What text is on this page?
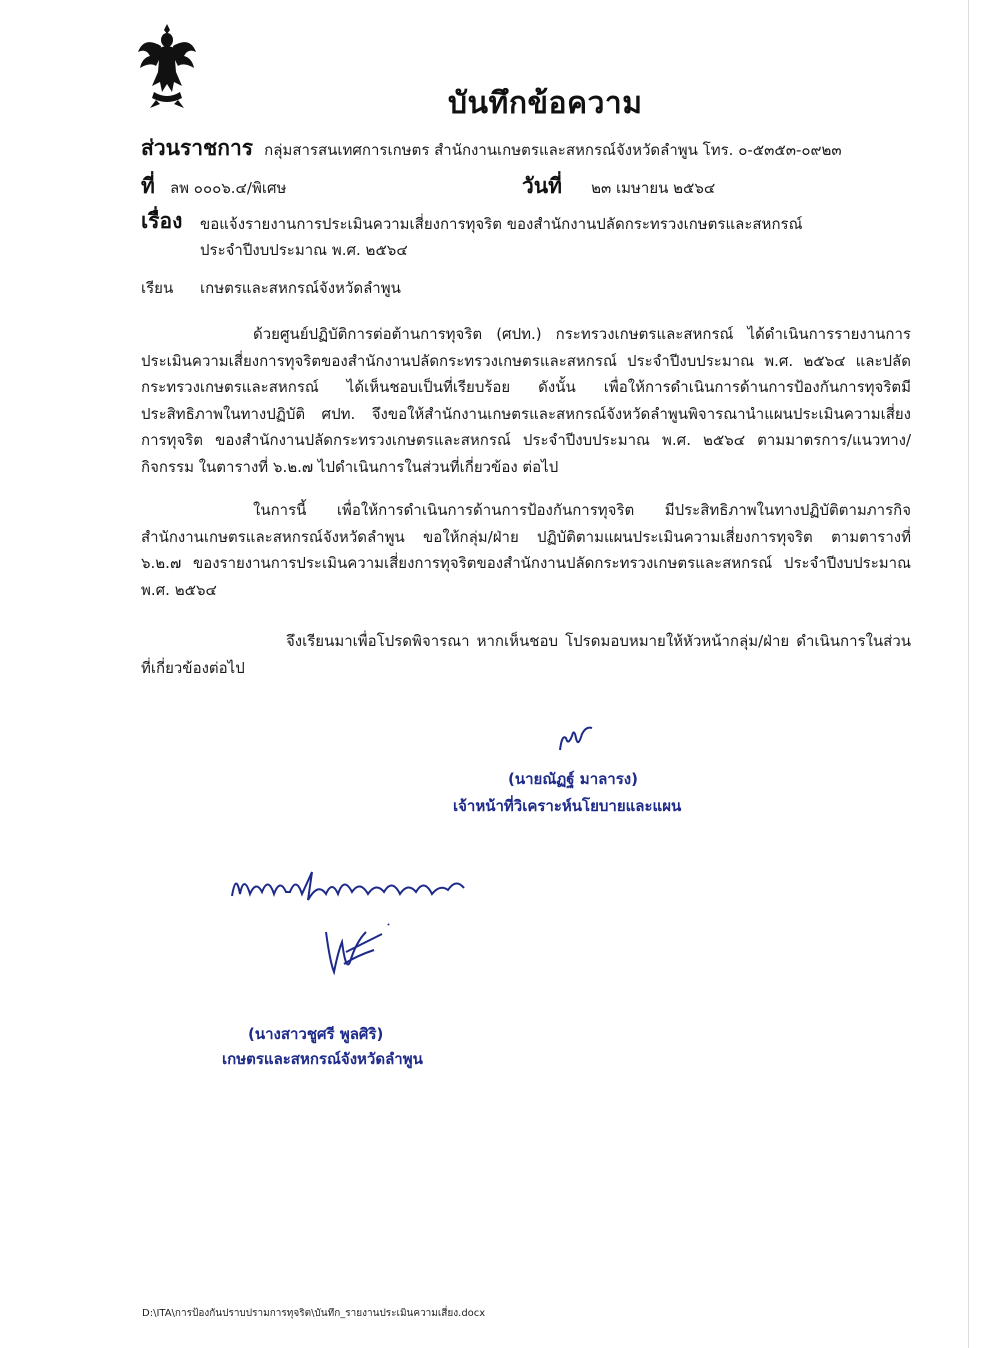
บันทึกข้อความ
ส่วนราชการ กลุ่มสารสนเทศการเกษตร สำนักงานเกษตรและสหกรณ์จังหวัดลำพูน โทร. ๐-๕๓๕๓-๐๙๒๓
ที่ ลพ ๐๐๐๖.๔/พิเศษ	วันที่ ๒๓ เมษายน ๒๕๖๔
เรื่อง ขอแจ้งรายงานการประเมินความเสี่ยงการทุจริต ของสำนักงานปลัดกระทรวงเกษตรและสหกรณ์
ประจำปีงบประมาณ พ.ศ. ๒๕๖๔
เรียน เกษตรและสหกรณ์จังหวัดลำพูน

ด้วยศูนย์ปฏิบัติการต่อต้านการทุจริต (ศปท.) กระทรวงเกษตรและสหกรณ์ ได้ดำเนินการรายงานการประเมินความเสี่ยงการทุจริตของสำนักงานปลัดกระทรวงเกษตรและสหกรณ์ ประจำปีงบประมาณ พ.ศ. ๒๕๖๔ และปลัดกระทรวงเกษตรและสหกรณ์ ได้เห็นชอบเป็นที่เรียบร้อย ดังนั้น เพื่อให้การดำเนินการด้านการป้องกันการทุจริตมีประสิทธิภาพในทางปฏิบัติ ศปท. จึงขอให้สำนักงานเกษตรและสหกรณ์จังหวัดลำพูนพิจารณานำแผนประเมินความเสี่ยงการทุจริต ของสำนักงานปลัดกระทรวงเกษตรและสหกรณ์ ประจำปีงบประมาณ พ.ศ. ๒๕๖๔ ตามมาตรการ/แนวทาง/กิจกรรม ในตารางที่ ๖.๒.๗ ไปดำเนินการในส่วนที่เกี่ยวข้อง ต่อไป

ในการนี้ เพื่อให้การดำเนินการด้านการป้องกันการทุจริต มีประสิทธิภาพในทางปฏิบัติตามภารกิจสำนักงานเกษตรและสหกรณ์จังหวัดลำพูน ขอให้กลุ่ม/ฝ่าย ปฏิบัติตามแผนประเมินความเสี่ยงการทุจริต ตามตารางที่ ๖.๒.๗ ของรายงานการประเมินความเสี่ยงการทุจริตของสำนักงานปลัดกระทรวงเกษตรและสหกรณ์ ประจำปีงบประมาณ พ.ศ. ๒๕๖๔

จึงเรียนมาเพื่อโปรดพิจารณา หากเห็นชอบ โปรดมอบหมายให้หัวหน้ากลุ่ม/ฝ่าย ดำเนินการในส่วนที่เกี่ยวข้องต่อไป

(นายณัฏฐ์ มาลารง)
เจ้าหน้าที่วิเคราะห์นโยบายและแผน
(นางสาวชูศรี พูลศิริ)
เกษตรและสหกรณ์จังหวัดลำพูน
D:\ITA\การป้องกันปราบปรามการทุจริต\บันทึก_รายงานประเมินความเสี่ยง.docx
